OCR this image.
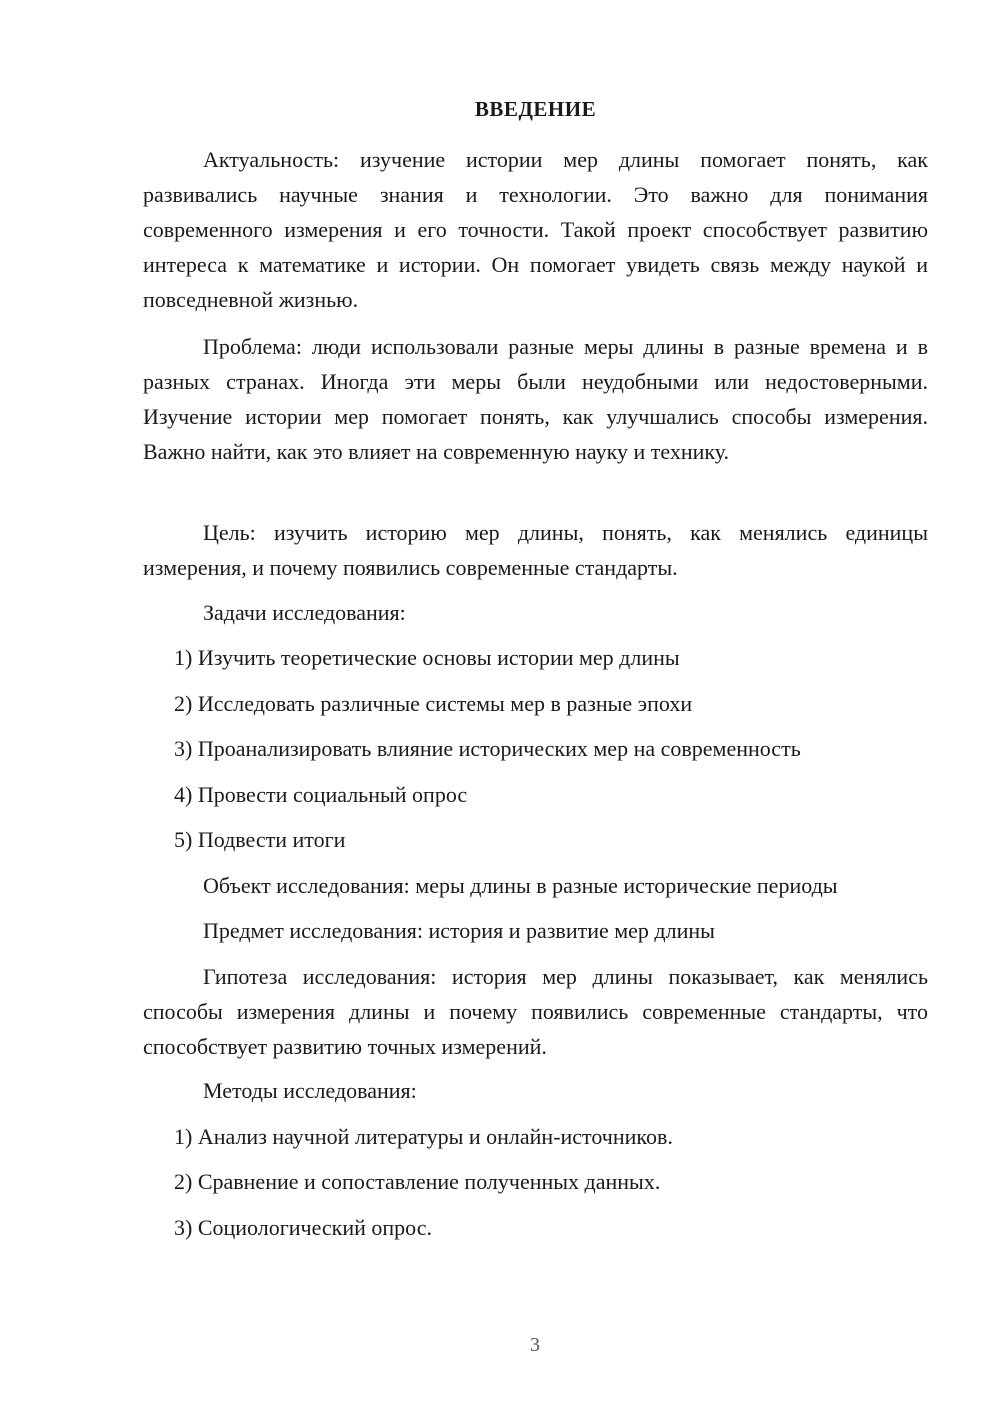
ВВЕДЕНИЕ

Актуальность: изучение истории мер длины помогает понять, как развивались научные знания и технологии. Это важно для понимания современного измерения и его точности. Такой проект способствует развитию интереса к математике и истории. Он помогает увидеть связь между наукой и повседневной жизнью.

Проблема: люди использовали разные меры длины в разные времена и в разных странах. Иногда эти меры были неудобными или недостоверными. Изучение истории мер помогает понять, как улучшались способы измерения. Важно найти, как это влияет на современную науку и технику.

Цель: изучить историю мер длины, понять, как менялись единицы измерения, и почему появились современные стандарты.

Задачи исследования:

1) Изучить теоретические основы истории мер длины

2) Исследовать различные системы мер в разные эпохи

3) Проанализировать влияние исторических мер на современность

4) Провести социальный опрос

5) Подвести итоги

Объект исследования: меры длины в разные исторические периоды

Предмет исследования: история и развитие мер длины

Гипотеза исследования: история мер длины показывает, как менялись способы измерения длины и почему появились современные стандарты, что способствует развитию точных измерений.

Методы исследования:

1) Анализ научной литературы и онлайн-источников.

2) Сравнение и сопоставление полученных данных.

3) Социологический опрос.

3
